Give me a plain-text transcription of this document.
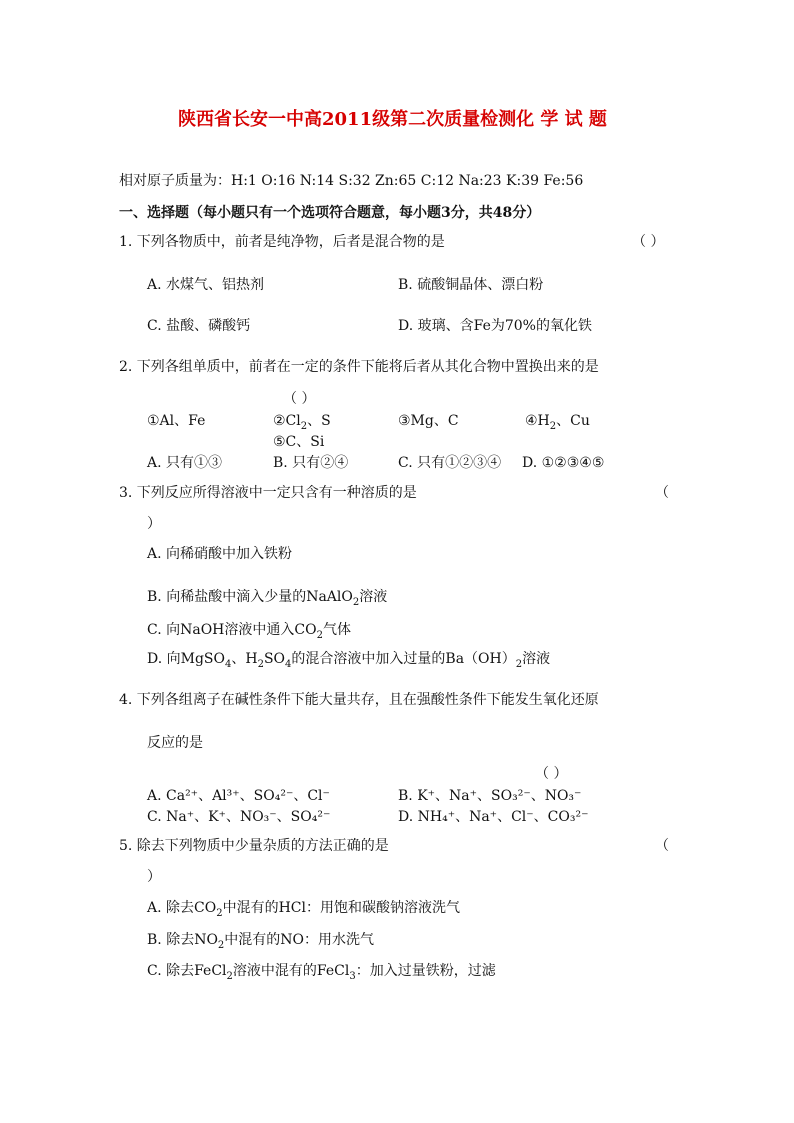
陕西省长安一中高2011级第二次质量检测化 学 试 题
相对原子质量为：H:1 O:16 N:14 S:32 Zn:65 C:12 Na:23 K:39 Fe:56
一、选择题（每小题只有一个选项符合题意，每小题3分，共48分）
1. 下列各物质中，前者是纯净物，后者是混合物的是	（ ）
A. 水煤气、铝热剂	B. 硫酸铜晶体、漂白粉
C. 盐酸、磷酸钙	D. 玻璃、含Fe为70%的氧化铁
2. 下列各组单质中，前者在一定的条件下能将后者从其化合物中置换出来的是
（ ）
①Al、Fe	$②Cl_2$、S	③Mg、C	$④H_2$、Cu
⑤C、Si
A. 只有①③	B. 只有②④	C. 只有①②③④ D. ①②③④⑤
3. 下列反应所得溶液中一定只含有一种溶质的是	（
）
A. 向稀硝酸中加入铁粉
B. 向稀盐酸中滴入少量的NaAlO$_2$溶液
C. 向NaOH溶液中通入$CO_2$气体
D. 向MgSO$_4$、$H_2SO_4$的混合溶液中加入过量的$Ba(OH)_2$溶液
4. 下列各组离子在碱性条件下能大量共存，且在强酸性条件下能发生氧化还原
反应的是
（ ）
A. Ca²⁺、Al³⁺、SO₄²⁻、Cl⁻	B. K⁺、Na⁺、SO₃²⁻、NO₃⁻
C. Na⁺、K⁺、NO₃⁻、SO₄²⁻	D. NH₄⁺、Na⁺、Cl⁻、CO₃²⁻
5. 除去下列物质中少量杂质的方法正确的是	（
）
A. 除去$CO_2$中混有的HCl：用饱和碳酸钠溶液洗气
B. 除去$NO_2$中混有的NO：用水洗气
C. 除去FeCl$_2$溶液中混有的FeCl$_3$：加入过量铁粉，过滤
